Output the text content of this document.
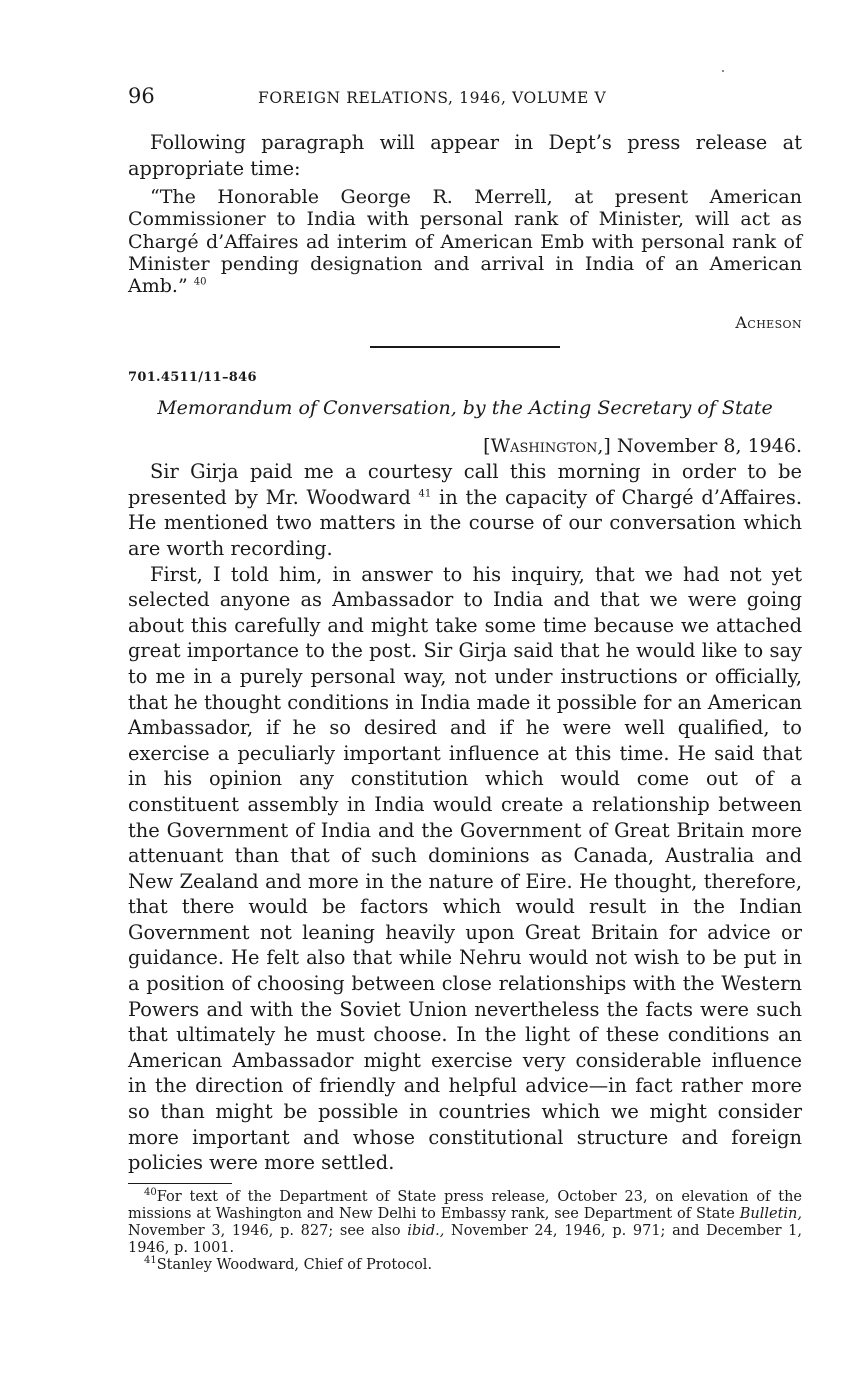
96	FOREIGN RELATIONS, 1946, VOLUME V

Following paragraph will appear in Dept’s press release at appropriate time:

“The Honorable George R. Merrell, at present American Commissioner to India with personal rank of Minister, will act as Chargé d’Affaires ad interim of American Emb with personal rank of Minister pending designation and arrival in India of an American Amb.” $^{40}$

Acheson
701.4511/11–846
Memorandum of Conversation, by the Acting Secretary of State
[Washington,] November 8, 1946.

Sir Girja paid me a courtesy call this morning in order to be presented by Mr. Woodward $^{41}$ in the capacity of Chargé d’Affaires. He mentioned two matters in the course of our conversation which are worth recording.

First, I told him, in answer to his inquiry, that we had not yet selected anyone as Ambassador to India and that we were going about this carefully and might take some time because we attached great importance to the post. Sir Girja said that he would like to say to me in a purely personal way, not under instructions or officially, that he thought conditions in India made it possible for an American Ambassador, if he so desired and if he were well qualified, to exercise a peculiarly important influence at this time. He said that in his opinion any constitution which would come out of a constituent assembly in India would create a relationship between the Government of India and the Government of Great Britain more attenuant than that of such dominions as Canada, Australia and New Zealand and more in the nature of Eire. He thought, therefore, that there would be factors which would result in the Indian Government not leaning heavily upon Great Britain for advice or guidance. He felt also that while Nehru would not wish to be put in a position of choosing between close relationships with the Western Powers and with the Soviet Union nevertheless the facts were such that ultimately he must choose. In the light of these conditions an American Ambassador might exercise very considerable influence in the direction of friendly and helpful advice—in fact rather more so than might be possible in countries which we might consider more important and whose constitutional structure and foreign policies were more settled.

$^{40}$For text of the Department of State press release, October 23, on elevation of the missions at Washington and New Delhi to Embassy rank, see Department of State Bulletin, November 3, 1946, p. 827; see also ibid., November 24, 1946, p. 971; and December 1, 1946, p. 1001.

$^{41}$Stanley Woodward, Chief of Protocol.
